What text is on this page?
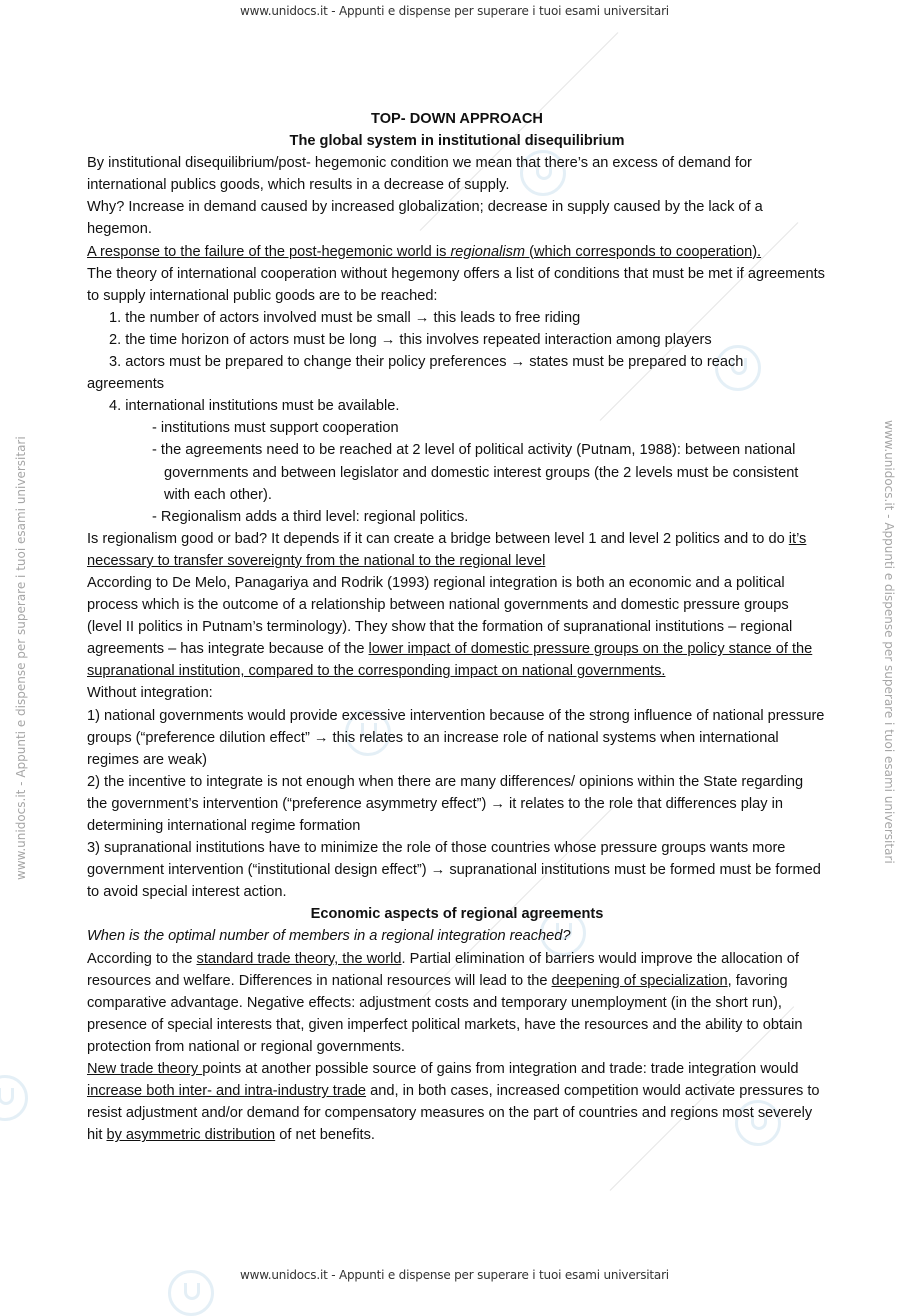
www.unidocs.it - Appunti e dispense per superare i tuoi esami universitari
www.unidocs.it - Appunti e dispense per superare i tuoi esami universitari
www.unidocs.it - Appunti e dispense per superare i tuoi esami universitari	www.unidocs.it - Appunti e dispense per superare i tuoi esami universitari

TOP- DOWN APPROACH

The global system in institutional disequilibrium

By institutional disequilibrium/post- hegemonic condition we mean that there’s an excess of demand for international publics goods, which results in a decrease of supply.

Why? Increase in demand caused by increased globalization; decrease in supply caused by the lack of a hegemon.

A response to the failure of the post-hegemonic world is regionalism (which corresponds to cooperation).

The theory of international cooperation without hegemony offers a list of conditions that must be met if agreements to supply international public goods are to be reached:

1. the number of actors involved must be small → this leads to free riding

2. the time horizon of actors must be long → this involves repeated interaction among players

3. actors must be prepared to change their policy preferences → states must be prepared to reach

agreements

4. international institutions must be available.

- institutions must support cooperation

- the agreements need to be reached at 2 level of political activity (Putnam, 1988): between national governments and between legislator and domestic interest groups (the 2 levels must be consistent with each other).

- Regionalism adds a third level: regional politics.

Is regionalism good or bad? It depends if it can create a bridge between level 1 and level 2 politics and to do it’s necessary to transfer sovereignty from the national to the regional level

According to De Melo, Panagariya and Rodrik (1993) regional integration is both an economic and a political process which is the outcome of a relationship between national governments and domestic pressure groups (level II politics in Putnam’s terminology). They show that the formation of supranational institutions – regional agreements – has integrate because of the lower impact of domestic pressure groups on the policy stance of the supranational institution, compared to the corresponding impact on national governments.

Without integration:

1) national governments would provide excessive intervention because of the strong influence of national pressure groups (“preference dilution effect” → this relates to an increase role of national systems when international regimes are weak)

2) the incentive to integrate is not enough when there are many differences/ opinions within the State regarding the government’s intervention (“preference asymmetry effect”) → it relates to the role that differences play in determining international regime formation

3) supranational institutions have to minimize the role of those countries whose pressure groups wants more government intervention (“institutional design effect”) → supranational institutions must be formed must be formed to avoid special interest action.

Economic aspects of regional agreements

When is the optimal number of members in a regional integration reached?

According to the standard trade theory, the world. Partial elimination of barriers would improve the allocation of resources and welfare. Differences in national resources will lead to the deepening of specialization, favoring comparative advantage. Negative effects: adjustment costs and temporary unemployment (in the short run), presence of special interests that, given imperfect political markets, have the resources and the ability to obtain protection from national or regional governments.

New trade theory points at another possible source of gains from integration and trade: trade integration would increase both inter- and intra-industry trade and, in both cases, increased competition would activate pressures to resist adjustment and/or demand for compensatory measures on the part of countries and regions most severely hit by asymmetric distribution of net benefits.
